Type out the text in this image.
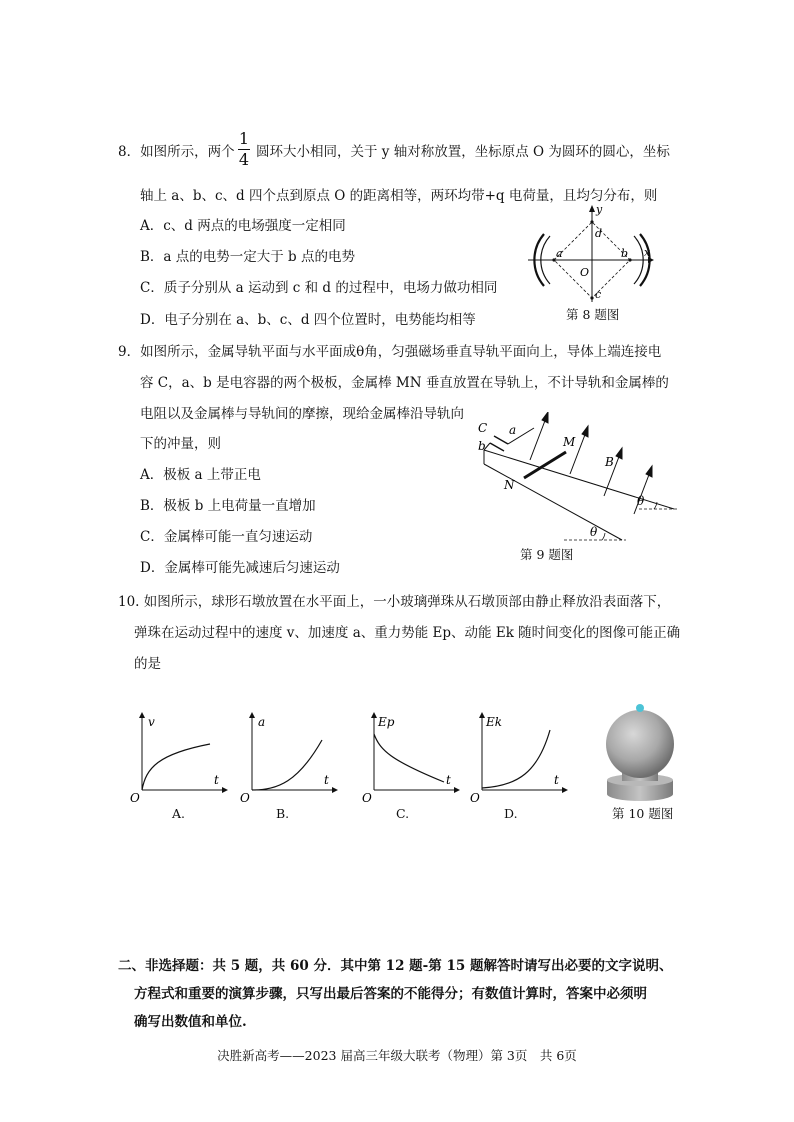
8．如图所示，两个
1
4 圆环大小相同，关于 y 轴对称放置，坐标原点 O 为圆环的圆心，坐标
轴上 a、b、c、d 四个点到原点 O 的距离相等，两环均带+q 电荷量，且均匀分布，则
A．c、d 两点的电场强度一定相同
B．a 点的电势一定大于 b 点的电势
C．质子分别从 a 运动到 c 和 d 的过程中，电场力做功相同
D．电子分别在 a、b、c、d 四个位置时，电势能均相等
y
x
a	b
d
c
O
第 8 题图
9．如图所示，金属导轨平面与水平面成θ角，匀强磁场垂直导轨平面向上，导体上端连接电
容 C，a、b 是电容器的两个极板，金属棒 MN 垂直放置在导轨上，不计导轨和金属棒的
电阻以及金属棒与导轨间的摩擦，现给金属棒沿导轨向
下的冲量，则
A．极板 a 上带正电
B．极板 b 上电荷量一直增加
C．金属棒可能一直匀速运动
D．金属棒可能先减速后匀速运动
C a
b	M
N
B
θ
θ
第 9 题图
10. 如图所示，球形石墩放置在水平面上，一小玻璃弹珠从石墩顶部由静止释放沿表面落下，
弹珠在运动过程中的速度 v、加速度 a、重力势能 Ep、动能 Ek 随时间变化的图像可能正确
的是
v
t
O
A.
a
t
O
B.
Ep
t
O
C.
Ek
t
O
D.	第 10 题图
二、非选择题：共 5 题，共 60 分．其中第 12 题-第 15 题解答时请写出必要的文字说明、
方程式和重要的演算步骤，只写出最后答案的不能得分；有数值计算时，答案中必须明
确写出数值和单位.
决胜新高考——2023 届高三年级大联考（物理）第 3页　共 6页
